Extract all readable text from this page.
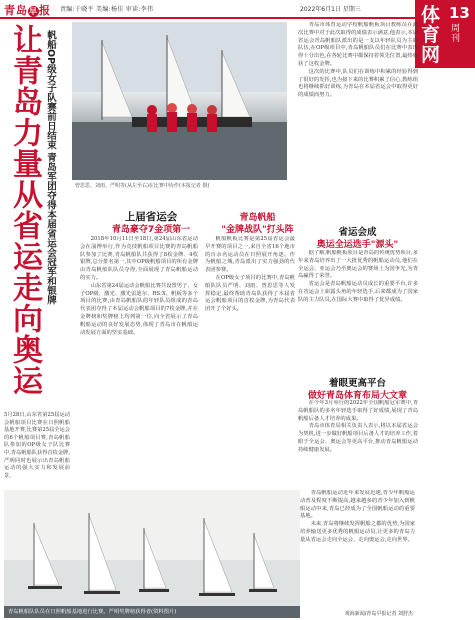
青岛早报 责编:于晓平 美编:杨佳 审读:李伟	2022年6月1日 星期三	体育网
13
周刊
让青岛力量从省运走向奥运 帆船OP级女子队赛前日结束 青岛军团夺得本届省运会冠军和银牌
5月28日,山东省第25届运动会帆船项目比赛在日照帆船基地开赛,比赛第25届全运会的6个帆船项目赛,青岛帆船队参加的OP级女子队比赛中,青岛帆船队获得首枚金牌,严明同时也展示出青岛帆船运动的强大实力和发展前景。
曾思思、刘雨、严明等(从左至右)在比赛中协作(本报记者 摄)
上届省运会
青岛豪夺7金项第一
青岛帆船
"金牌战队"打头阵	省运会成
奥运全运选手"源头"
着眼更高平台
做好青岛体育布局大文章

2018年10月11日至18日,第24届山东省运动会在淄博举行,作为竞技帆船项目比赛的青岛帆船队参加了比赛,青岛帆船队共获得了8枚金牌、4枚银牌,总分排名第一,其中OP级帆船项目的所有金牌由青岛帆船队队员夺得,全面展现了青岛帆船运动的实力。

山东省第24届运动会帆船比赛共设置男子、女子OP级、激光、激光雷迪尔、RS:X、帆板等多个项目的比赛,由青岛帆船队的年轻队员组成的青岛代表团夺得了本届运动会帆船项目的7枚金牌,并在金牌榜和奖牌榜上均列第一位,向全省展示了青岛帆船运动的良好发展态势,体现了青岛市在帆船运动发展方面的坚实基础。

帆船帆板比赛是第25届省运会最早开赛的项目之一,来自全省16个地市的百余名运动员在日照展开角逐。作为帆船之城,青岛派出了实力强劲的代表团参赛。

在OP级女子项目的比赛中,青岛帆船队队员严明、刘雨、曾思思等人发挥稳定,最终帮助青岛队获得了本届省运会帆船项目的首枚金牌,为青岛代表团开了个好头。

青岛市体育运动学校帆船帆板项目教练员在此次比赛中对于此次取得的成绩表示满意,他表示,本届省运会青岛帆船队派出的是一支以年轻队员为主的队伍,在OP级项目中,青岛帆船队员们在比赛中表现得十分出色,在各轮比赛中都保持着领先位置,最终收获了这枚金牌。

这次的比赛中,队员们在训练中积累的经验得到了很好的发挥,也为接下来的比赛积累了信心,教练组也将继续抓好训练,为青岛在本届省运会中取得更好的成绩而努力。

据了解,帆船帆板项目是青岛的传统优势项目,多年来青岛培养出了一大批优秀的帆船运动员,他们在全运会、亚运会乃至奥运会的赛场上为国争光,为青岛赢得了荣誉。

省运会是青岛帆船运动员成长的重要平台,许多在省运会上崭露头角的年轻选手,后来都成为了国家队的主力队员,在国际大赛中取得了优异成绩。

在今年3月举行的2022年全国帆船冠军赛中,青岛帆船队的多名年轻选手取得了好成绩,展现了青岛帆船后备人才培养的成果。

青岛市体育局相关负责人表示,将以本届省运会为契机,进一步做好帆船项目后备人才的培养工作,着眼于全运会、奥运会等更高平台,推动青岛帆船运动持续健康发展。

青岛帆船队队员在日照帆船基地进行比赛。严明奖牌榜获得者(资料图片)

青岛帆船运动近年来发展迅速,青少年帆船运动普及程度不断提高,越来越多的青少年加入到帆船运动中来,青岛已经成为了全国帆船运动的重要基地。

未来,青岛将继续发挥帆船之都的优势,为国家培养输送更多优秀的帆船运动员,让更多的青岛力量从省运会走向全运会、走向奥运会,走向世界。

观海新闻/青岛早报记者 刘舒杰
